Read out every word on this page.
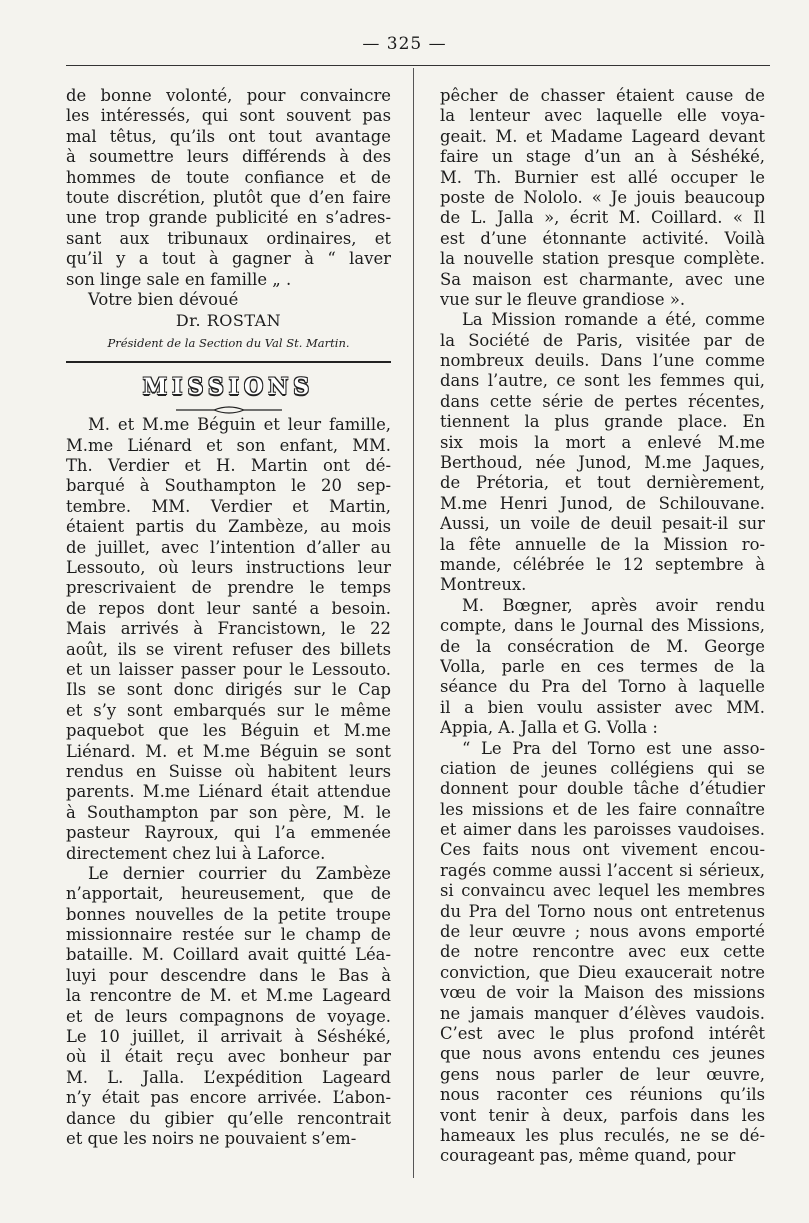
— 325 —
de bonne volonté, pour convaincre
les intéressés, qui sont souvent pas
mal têtus, qu’ils ont tout avantage
à soumettre leurs différends à des
hommes de toute confiance et de
toute discrétion, plutôt que d’en faire
une trop grande publicité en s’adres-
sant aux tribunaux ordinaires, et
qu’il y a tout à gagner à “ laver
son linge sale en famille „ .
Votre bien dévoué
Dr. ROSTAN
Président de la Section du Val St. Martin.
MISSIONS
M. et M.me Béguin et leur famille,
M.me Liénard et son enfant, MM.
Th. Verdier et H. Martin ont dé-
barqué à Southampton le 20 sep-
tembre. MM. Verdier et Martin,
étaient partis du Zambèze, au mois
de juillet, avec l’intention d’aller au
Lessouto, où leurs instructions leur
prescrivaient de prendre le temps
de repos dont leur santé a besoin.
Mais arrivés à Francistown, le 22
août, ils se virent refuser des billets
et un laisser passer pour le Lessouto.
Ils se sont donc dirigés sur le Cap
et s’y sont embarqués sur le même
paquebot que les Béguin et M.me
Liénard. M. et M.me Béguin se sont
rendus en Suisse où habitent leurs
parents. M.me Liénard était attendue
à Southampton par son père, M. le
pasteur Rayroux, qui l’a emmenée
directement chez lui à Laforce.
Le dernier courrier du Zambèze
n’apportait, heureusement, que de
bonnes nouvelles de la petite troupe
missionnaire restée sur le champ de
bataille. M. Coillard avait quitté Léa-
luyi pour descendre dans le Bas à
la rencontre de M. et M.me Lageard
et de leurs compagnons de voyage.
Le 10 juillet, il arrivait à Séshéké,
où il était reçu avec bonheur par
M. L. Jalla. L’expédition Lageard
n’y était pas encore arrivée. L’abon-
dance du gibier qu’elle rencontrait
et que les noirs ne pouvaient s’em-
pêcher de chasser étaient cause de
la lenteur avec laquelle elle voya-
geait. M. et Madame Lageard devant
faire un stage d’un an à Séshéké,
M. Th. Burnier est allé occuper le
poste de Nololo. « Je jouis beaucoup
de L. Jalla », écrit M. Coillard. « Il
est d’une étonnante activité. Voilà
la nouvelle station presque complète.
Sa maison est charmante, avec une
vue sur le fleuve grandiose ».
La Mission romande a été, comme
la Société de Paris, visitée par de
nombreux deuils. Dans l’une comme
dans l’autre, ce sont les femmes qui,
dans cette série de pertes récentes,
tiennent la plus grande place. En
six mois la mort a enlevé M.me
Berthoud, née Junod, M.me Jaques,
de Prétoria, et tout dernièrement,
M.me Henri Junod, de Schilouvane.
Aussi, un voile de deuil pesait-il sur
la fête annuelle de la Mission ro-
mande, célébrée le 12 septembre à
Montreux.
M. Bœgner, après avoir rendu
compte, dans le Journal des Missions,
de la consécration de M. George
Volla, parle en ces termes de la
séance du Pra del Torno à laquelle
il a bien voulu assister avec MM.
Appia, A. Jalla et G. Volla :
“ Le Pra del Torno est une asso-
ciation de jeunes collégiens qui se
donnent pour double tâche d’étudier
les missions et de les faire connaître
et aimer dans les paroisses vaudoises.
Ces faits nous ont vivement encou-
ragés comme aussi l’accent si sérieux,
si convaincu avec lequel les membres
du Pra del Torno nous ont entretenus
de leur œuvre ; nous avons emporté
de notre rencontre avec eux cette
conviction, que Dieu exaucerait notre
vœu de voir la Maison des missions
ne jamais manquer d’élèves vaudois.
C’est avec le plus profond intérêt
que nous avons entendu ces jeunes
gens nous parler de leur œuvre,
nous raconter ces réunions qu’ils
vont tenir à deux, parfois dans les
hameaux les plus reculés, ne se dé-
courageant pas, même quand, pour
